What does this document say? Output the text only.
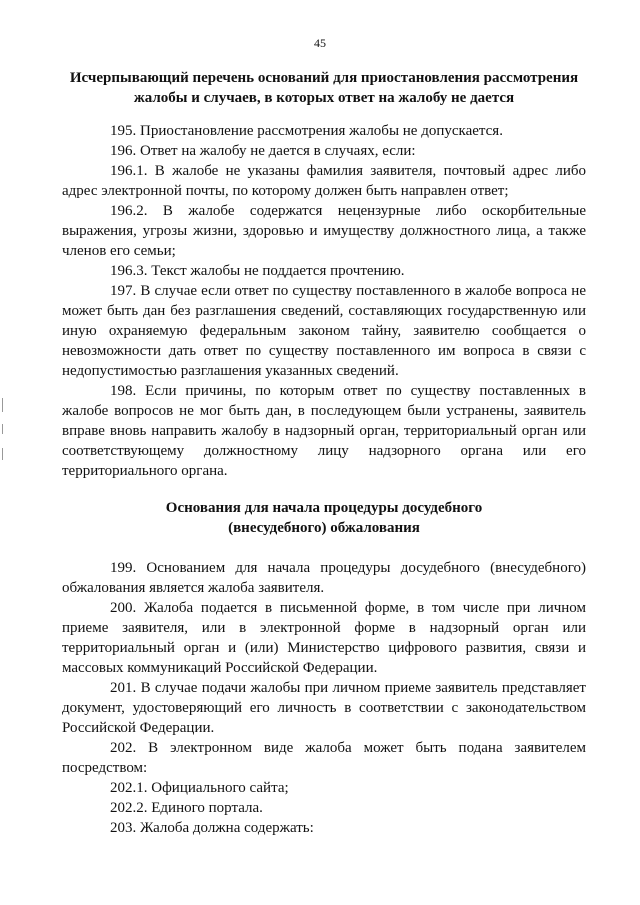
45
Исчерпывающий перечень оснований для приостановления рассмотрения
жалобы и случаев, в которых ответ на жалобу не дается
195. Приостановление рассмотрения жалобы не допускается.
196. Ответ на жалобу не дается в случаях, если:
196.1. В жалобе не указаны фамилия заявителя, почтовый адрес либо
адрес электронной почты, по которому должен быть направлен ответ;
196.2. В жалобе содержатся нецензурные либо оскорбительные
выражения, угрозы жизни, здоровью и имуществу должностного лица, а также
членов его семьи;
196.3. Текст жалобы не поддается прочтению.
197. В случае если ответ по существу поставленного в жалобе вопроса не
может быть дан без разглашения сведений, составляющих государственную или
иную охраняемую федеральным законом тайну, заявителю сообщается о
невозможности дать ответ по существу поставленного им вопроса в связи с
недопустимостью разглашения указанных сведений.
198. Если причины, по которым ответ по существу поставленных в
жалобе вопросов не мог быть дан, в последующем были устранены, заявитель
вправе вновь направить жалобу в надзорный орган, территориальный орган или
соответствующему должностному лицу надзорного органа или его
территориального органа.
Основания для начала процедуры досудебного
(внесудебного) обжалования
199. Основанием для начала процедуры досудебного (внесудебного)
обжалования является жалоба заявителя.
200. Жалоба подается в письменной форме, в том числе при личном
приеме заявителя, или в электронной форме в надзорный орган или
территориальный орган и (или) Министерство цифрового развития, связи и
массовых коммуникаций Российской Федерации.
201. В случае подачи жалобы при личном приеме заявитель представляет
документ, удостоверяющий его личность в соответствии с законодательством
Российской Федерации.
202. В электронном виде жалоба может быть подана заявителем
посредством:
202.1. Официального сайта;
202.2. Единого портала.
203. Жалоба должна содержать:
